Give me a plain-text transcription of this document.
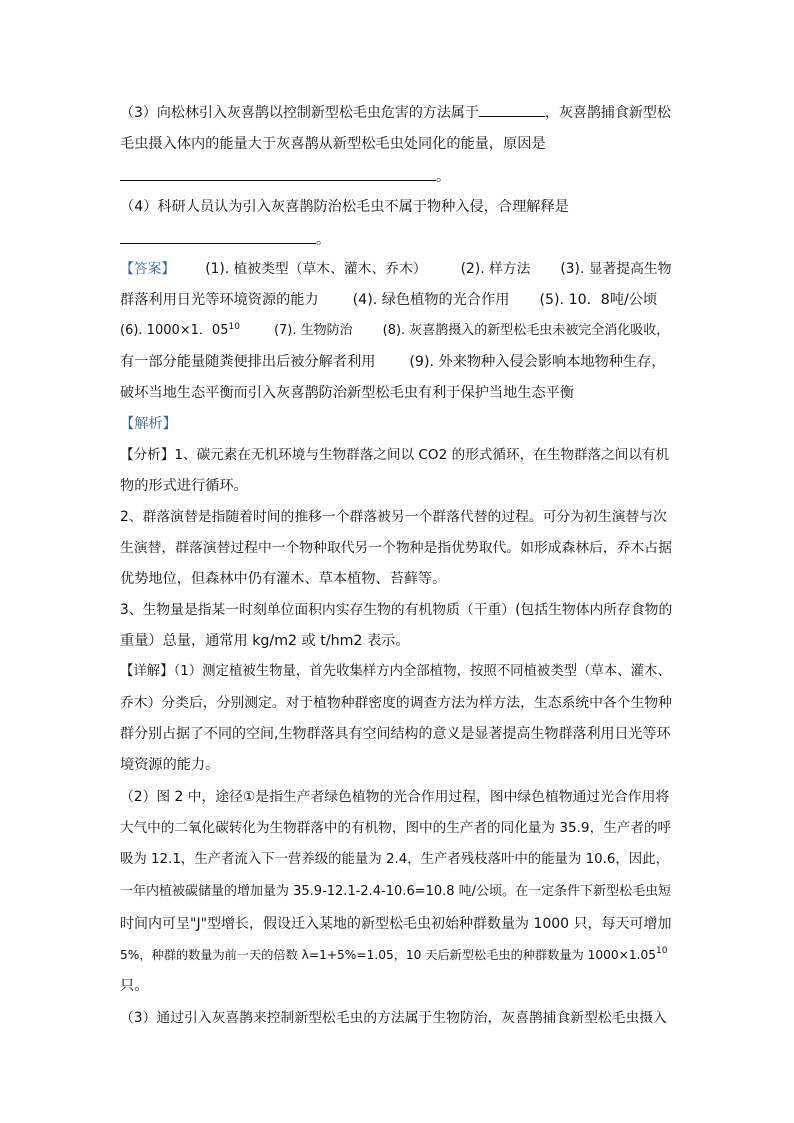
（3）向松林引入灰喜鹊以控制新型松毛虫危害的方法属于	，灰喜鹊捕食新型松
毛虫摄入体内的能量大于灰喜鹊从新型松毛虫处同化的能量，原因是
。
（4）科研人员认为引入灰喜鹊防治松毛虫不属于物种入侵，合理解释是
。
【答案】 (1). 植被类型（草木、灌木、乔木） (2). 样方法 (3). 显著提高生物
群落利用日光等环境资源的能力 (4). 绿色植物的光合作用 (5). 10．8吨/公顷
(6). 1000×1．$05^{10}$	(7). 生物防治 (8). 灰喜鹊摄入的新型松毛虫未被完全消化吸收，
有一部分能量随粪便排出后被分解者利用 (9). 外来物种入侵会影响本地物种生存，
破坏当地生态平衡而引入灰喜鹊防治新型松毛虫有利于保护当地生态平衡
【解析】
【分析】1、碳元素在无机环境与生物群落之间以 CO2 的形式循环，在生物群落之间以有机
物的形式进行循环。
2、群落演替是指随着时间的推移一个群落被另一个群落代替的过程。可分为初生演替与次
生演替，群落演替过程中一个物种取代另一个物种是指优势取代。如形成森林后，乔木占据
优势地位，但森林中仍有灌木、草本植物、苔藓等。
3、生物量是指某一时刻单位面积内实存生物的有机物质（干重）(包括生物体内所存食物的
重量）总量，通常用 kg/m2 或 t/hm2 表示。
【详解】（1）测定植被生物量，首先收集样方内全部植物，按照不同植被类型（草本、灌木、
乔木）分类后，分别测定。对于植物种群密度的调查方法为样方法，生态系统中各个生物种
群分别占据了不同的空间,生物群落具有空间结构的意义是显著提高生物群落利用日光等环
境资源的能力。
（2）图 2 中，途径①是指生产者绿色植物的光合作用过程，图中绿色植物通过光合作用将
大气中的二氧化碳转化为生物群落中的有机物，图中的生产者的同化量为 35.9，生产者的呼
吸为 12.1，生产者流入下一营养级的能量为 2.4，生产者残枝落叶中的能量为 10.6，因此，
一年内植被碳储量的增加量为 35.9-12.1-2.4-10.6=10.8 吨/公顷。在一定条件下新型松毛虫短
时间内可呈"J"型增长，假设迁入某地的新型松毛虫初始种群数量为 1000 只，每天可增加
5%，种群的数量为前一天的倍数 λ=1+5%=1.05，10 天后新型松毛虫的种群数量为 $1000\times 1.05^{10}$
只。
（3）通过引入灰喜鹊来控制新型松毛虫的方法属于生物防治，灰喜鹊捕食新型松毛虫摄入
